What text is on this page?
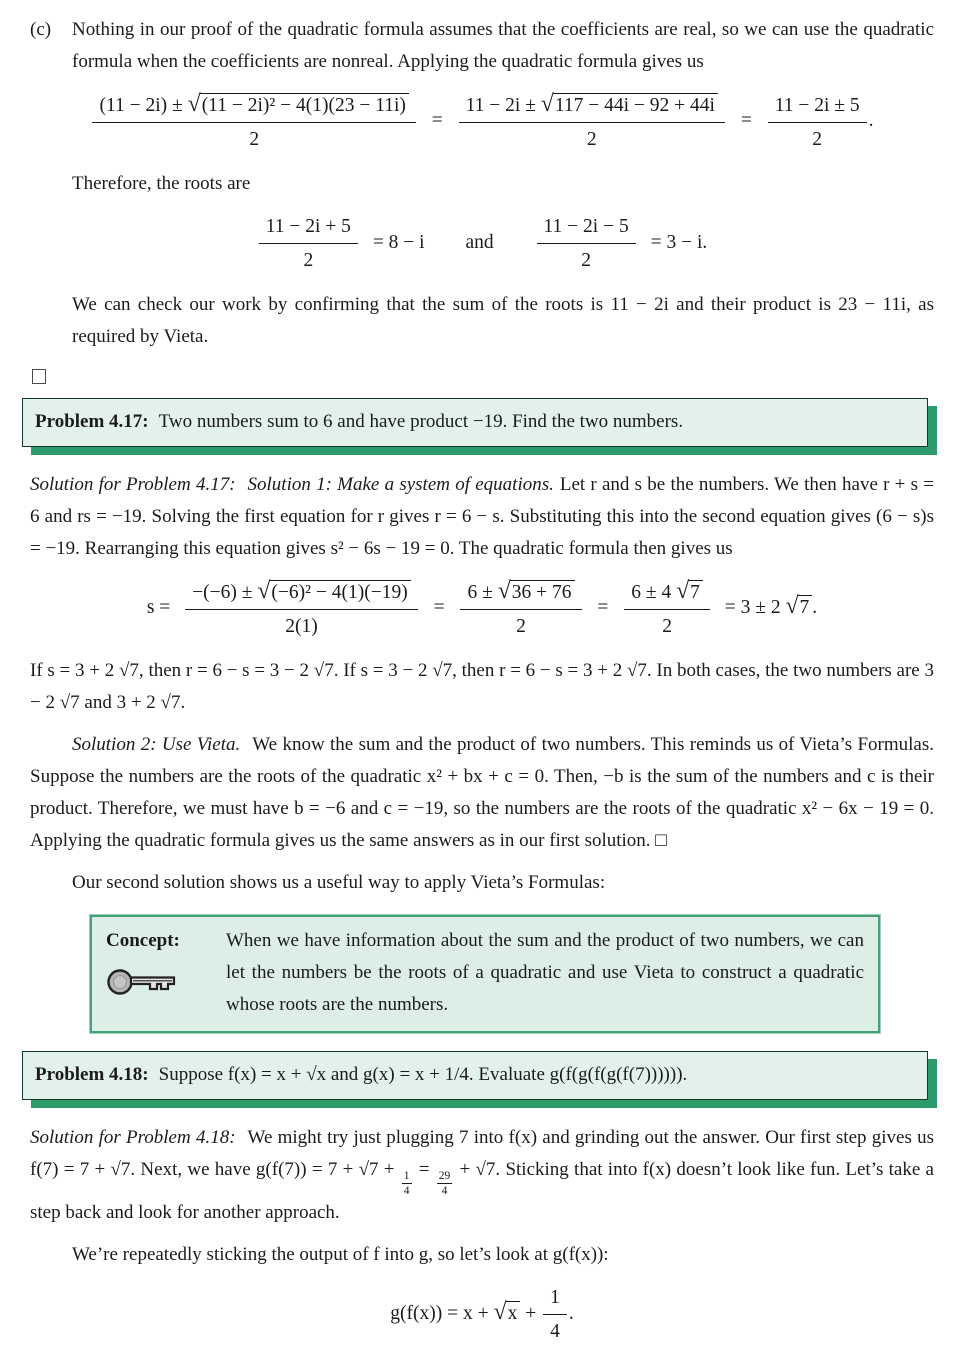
(c) Nothing in our proof of the quadratic formula assumes that the coefficients are real, so we can use the quadratic formula when the coefficients are nonreal. Applying the quadratic formula gives us

$\frac{\text{(11 − 2i) ± √ (11 − 2i)² − 4(1)(23 − 11i)}}{2} = \frac{11 - 2i \pm √ 117 - 44i - 92 + 44i}{2} = \frac{11 - 2i \pm 5}{2}$ .

Therefore, the roots are

$\frac{11 - 2i + 5}{2} = 8 - i$ and $\frac{11 - 2i - 5}{2} = 3 - i$.

We can check our work by confirming that the sum of the roots is 11 − 2i and their product is 23 − 11i, as required by Vieta.

Problem 4.17: Two numbers sum to 6 and have product −19. Find the two numbers.

Solution for Problem 4.17: Solution 1: Make a system of equations. Let r and s be the numbers. We then have r + s = 6 and rs = −19. Solving the first equation for r gives r = 6 − s. Substituting this into the second equation gives (6 − s)s = −19. Rearranging this equation gives s² − 6s − 19 = 0. The quadratic formula then gives us

$s = \frac{\text{−(−6) ± √ (−6)² − 4(1)(−19)}}{2(1)} = \frac{6 \pm √ 36 + 76}{2} = \frac{6 \pm 4 √ 7}{2} = 3 \pm 2$ √ 7 .

If s = 3 + 2 √7, then r = 6 − s = 3 − 2 √7. If s = 3 − 2 √7, then r = 6 − s = 3 + 2 √7. In both cases, the two numbers are 3 − 2 √7 and 3 + 2 √7.

Solution 2: Use Vieta. We know the sum and the product of two numbers. This reminds us of Vieta’s Formulas. Suppose the numbers are the roots of the quadratic x² + bx + c = 0. Then, −b is the sum of the numbers and c is their product. Therefore, we must have b = −6 and c = −19, so the numbers are the roots of the quadratic x² − 6x − 19 = 0. Applying the quadratic formula gives us the same answers as in our first solution. □

Our second solution shows us a useful way to apply Vieta’s Formulas:

Concept:	When we have information about the sum and the product of two numbers, we can let the numbers be the roots of a quadratic and use Vieta to construct a quadratic whose roots are the numbers.

Problem 4.18: Suppose f(x) = x + √x and g(x) = x + 1/4. Evaluate g(f(g(f(g(f(7)))))).

Solution for Problem 4.18: We might try just plugging 7 into f(x) and grinding out the answer. Our first step gives us f(7) = 7 + √7. Next, we have g(f(7)) = 7 + √7 +
$\frac{1}{4}$
=
$\frac{29}{4}$
+ √7. Sticking that into f(x) doesn’t look like fun. Let’s take a step back and look for another approach.

We’re repeatedly sticking the output of f into g, so let’s look at g(f(x)):

g(f(x)) = x + √ $x + \frac{1}{4}$ .
